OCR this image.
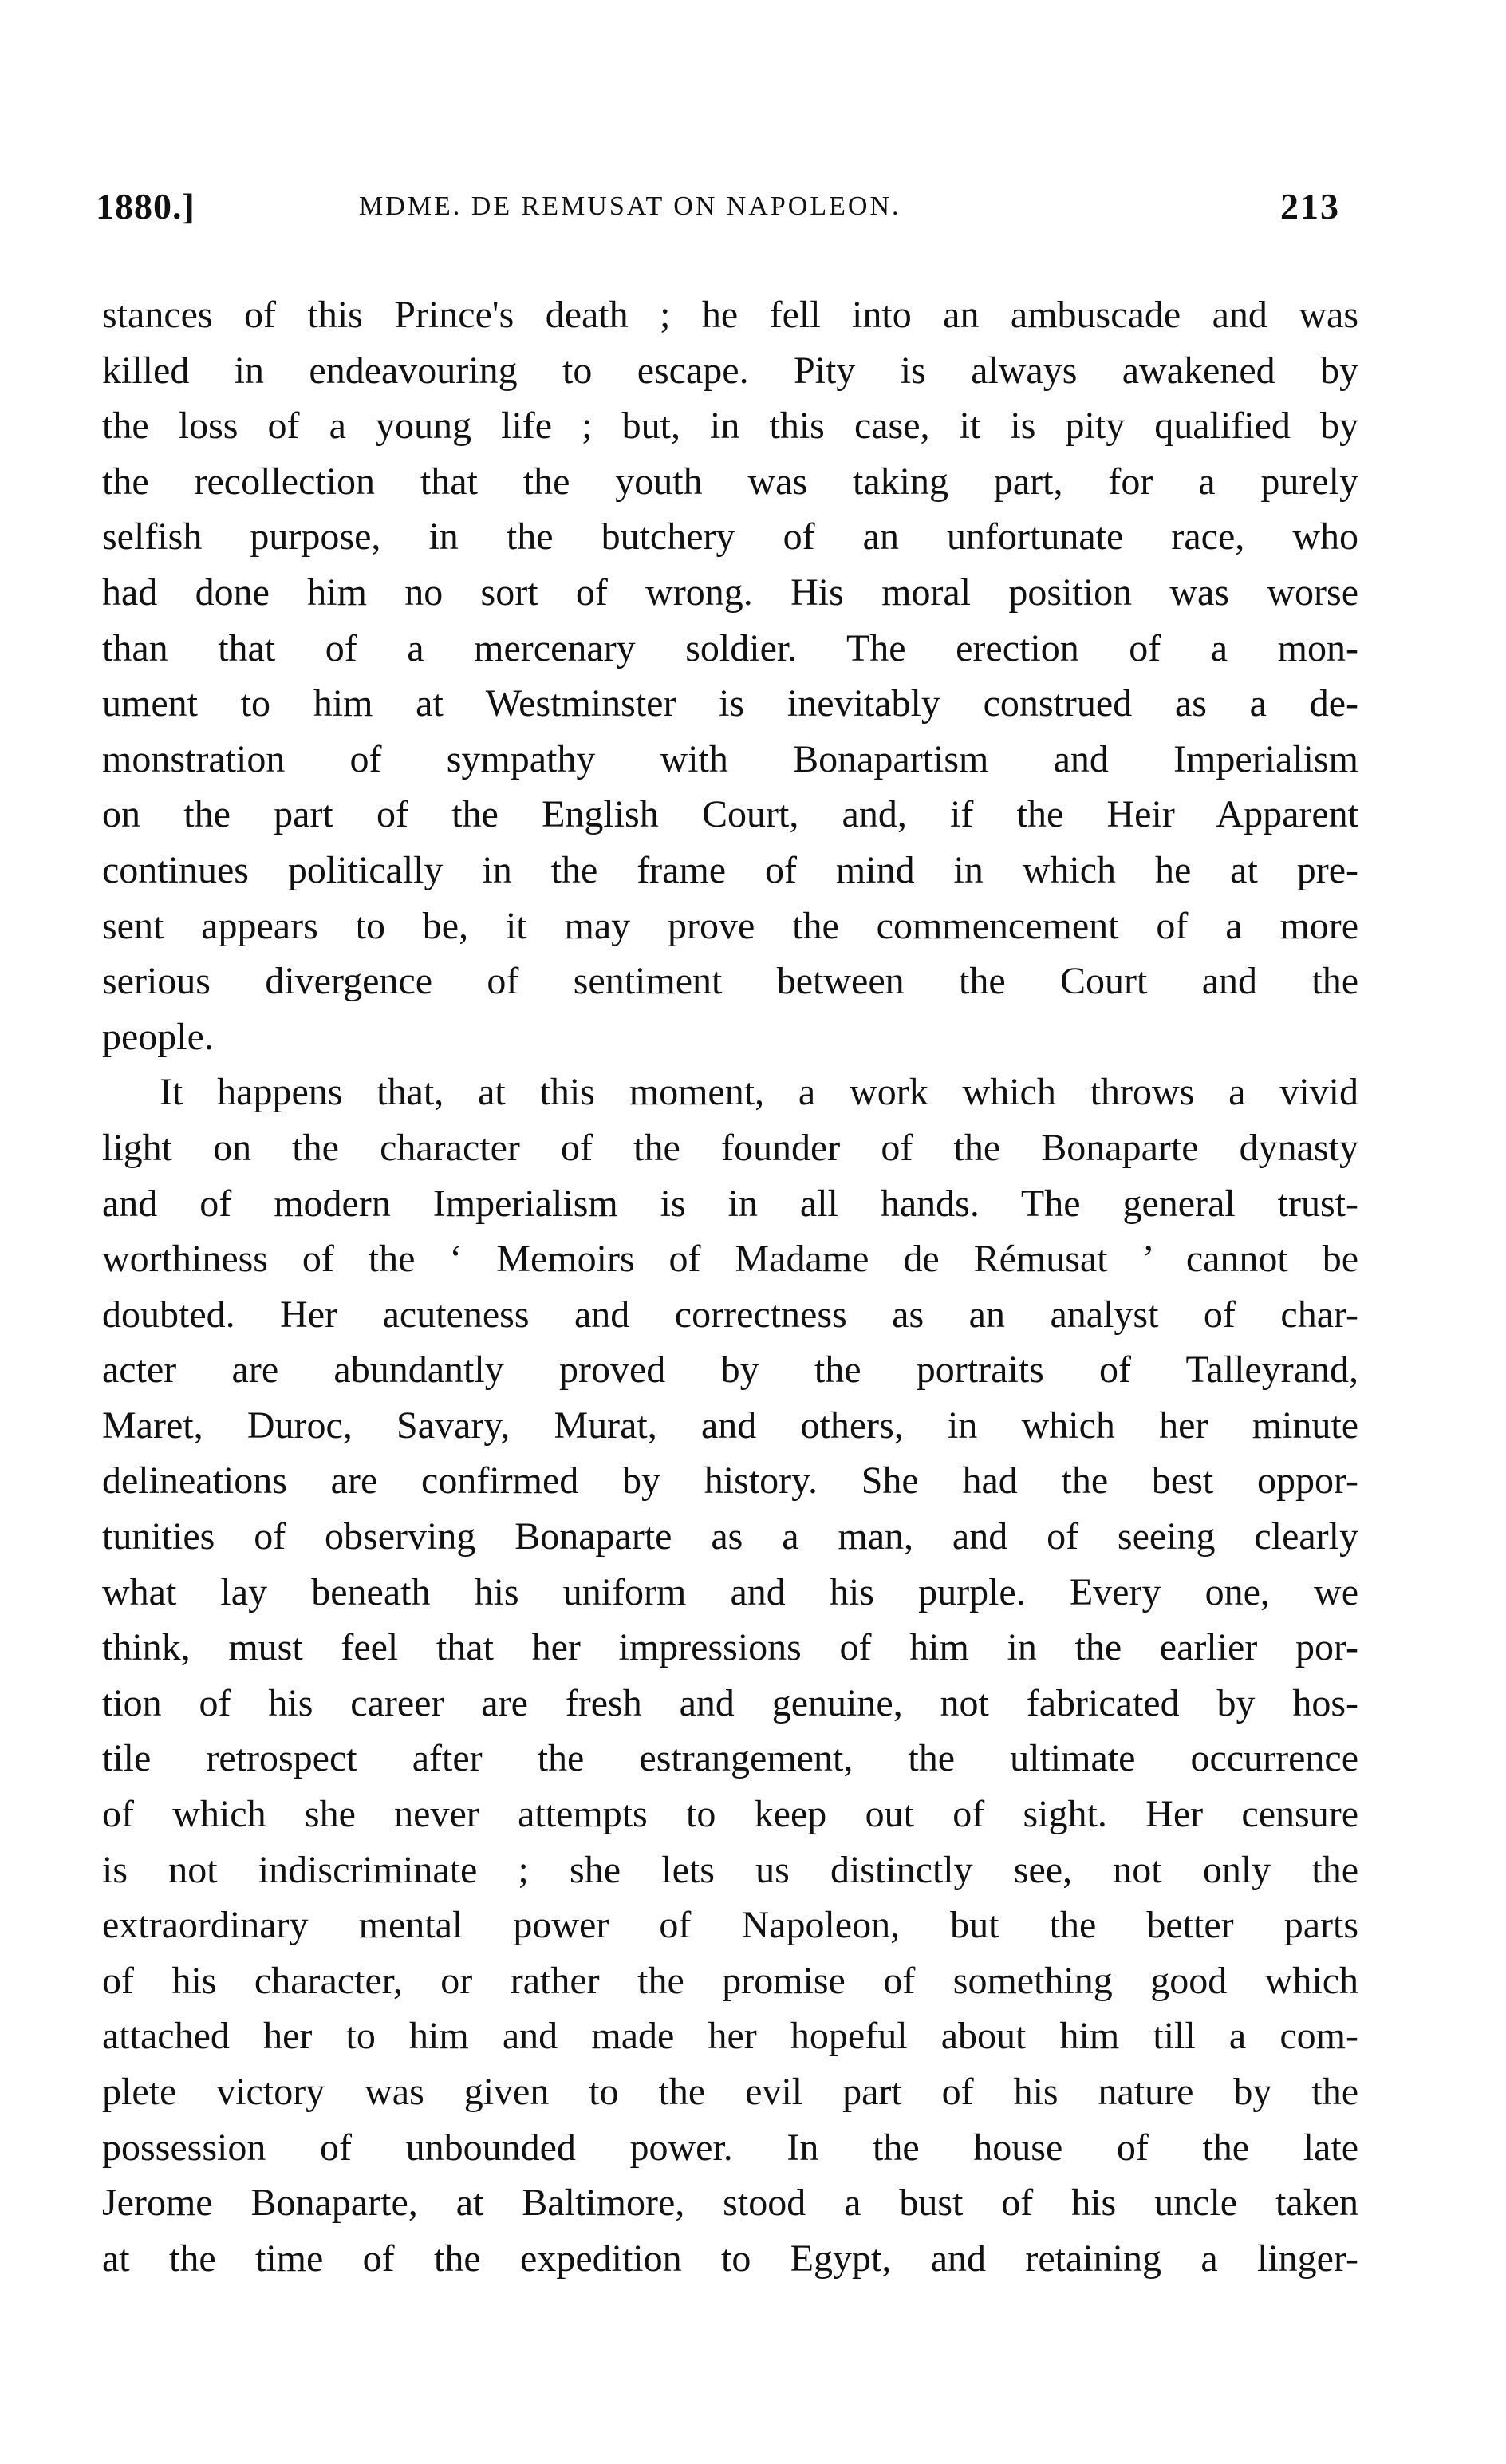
1880.]	MDME. DE REMUSAT ON NAPOLEON.	213
stances of this Prince's death ; he fell into an ambuscade and was
killed in endeavouring to escape. Pity is always awakened by
the loss of a young life ; but, in this case, it is pity qualified by
the recollection that the youth was taking part, for a purely
selfish purpose, in the butchery of an unfortunate race, who
had done him no sort of wrong. His moral position was worse
than that of a mercenary soldier. The erection of a mon-
ument to him at Westminster is inevitably construed as a de-
monstration of sympathy with Bonapartism and Imperialism
on the part of the English Court, and, if the Heir Apparent
continues politically in the frame of mind in which he at pre-
sent appears to be, it may prove the commencement of a more
serious divergence of sentiment between the Court and the
people.
It happens that, at this moment, a work which throws a vivid
light on the character of the founder of the Bonaparte dynasty
and of modern Imperialism is in all hands. The general trust-
worthiness of the ‘ Memoirs of Madame de Rémusat ’ cannot be
doubted. Her acuteness and correctness as an analyst of char-
acter are abundantly proved by the portraits of Talleyrand,
Maret, Duroc, Savary, Murat, and others, in which her minute
delineations are confirmed by history. She had the best oppor-
tunities of observing Bonaparte as a man, and of seeing clearly
what lay beneath his uniform and his purple. Every one, we
think, must feel that her impressions of him in the earlier por-
tion of his career are fresh and genuine, not fabricated by hos-
tile retrospect after the estrangement, the ultimate occurrence
of which she never attempts to keep out of sight. Her censure
is not indiscriminate ; she lets us distinctly see, not only the
extraordinary mental power of Napoleon, but the better parts
of his character, or rather the promise of something good which
attached her to him and made her hopeful about him till a com-
plete victory was given to the evil part of his nature by the
possession of unbounded power. In the house of the late
Jerome Bonaparte, at Baltimore, stood a bust of his uncle taken
at the time of the expedition to Egypt, and retaining a linger-
